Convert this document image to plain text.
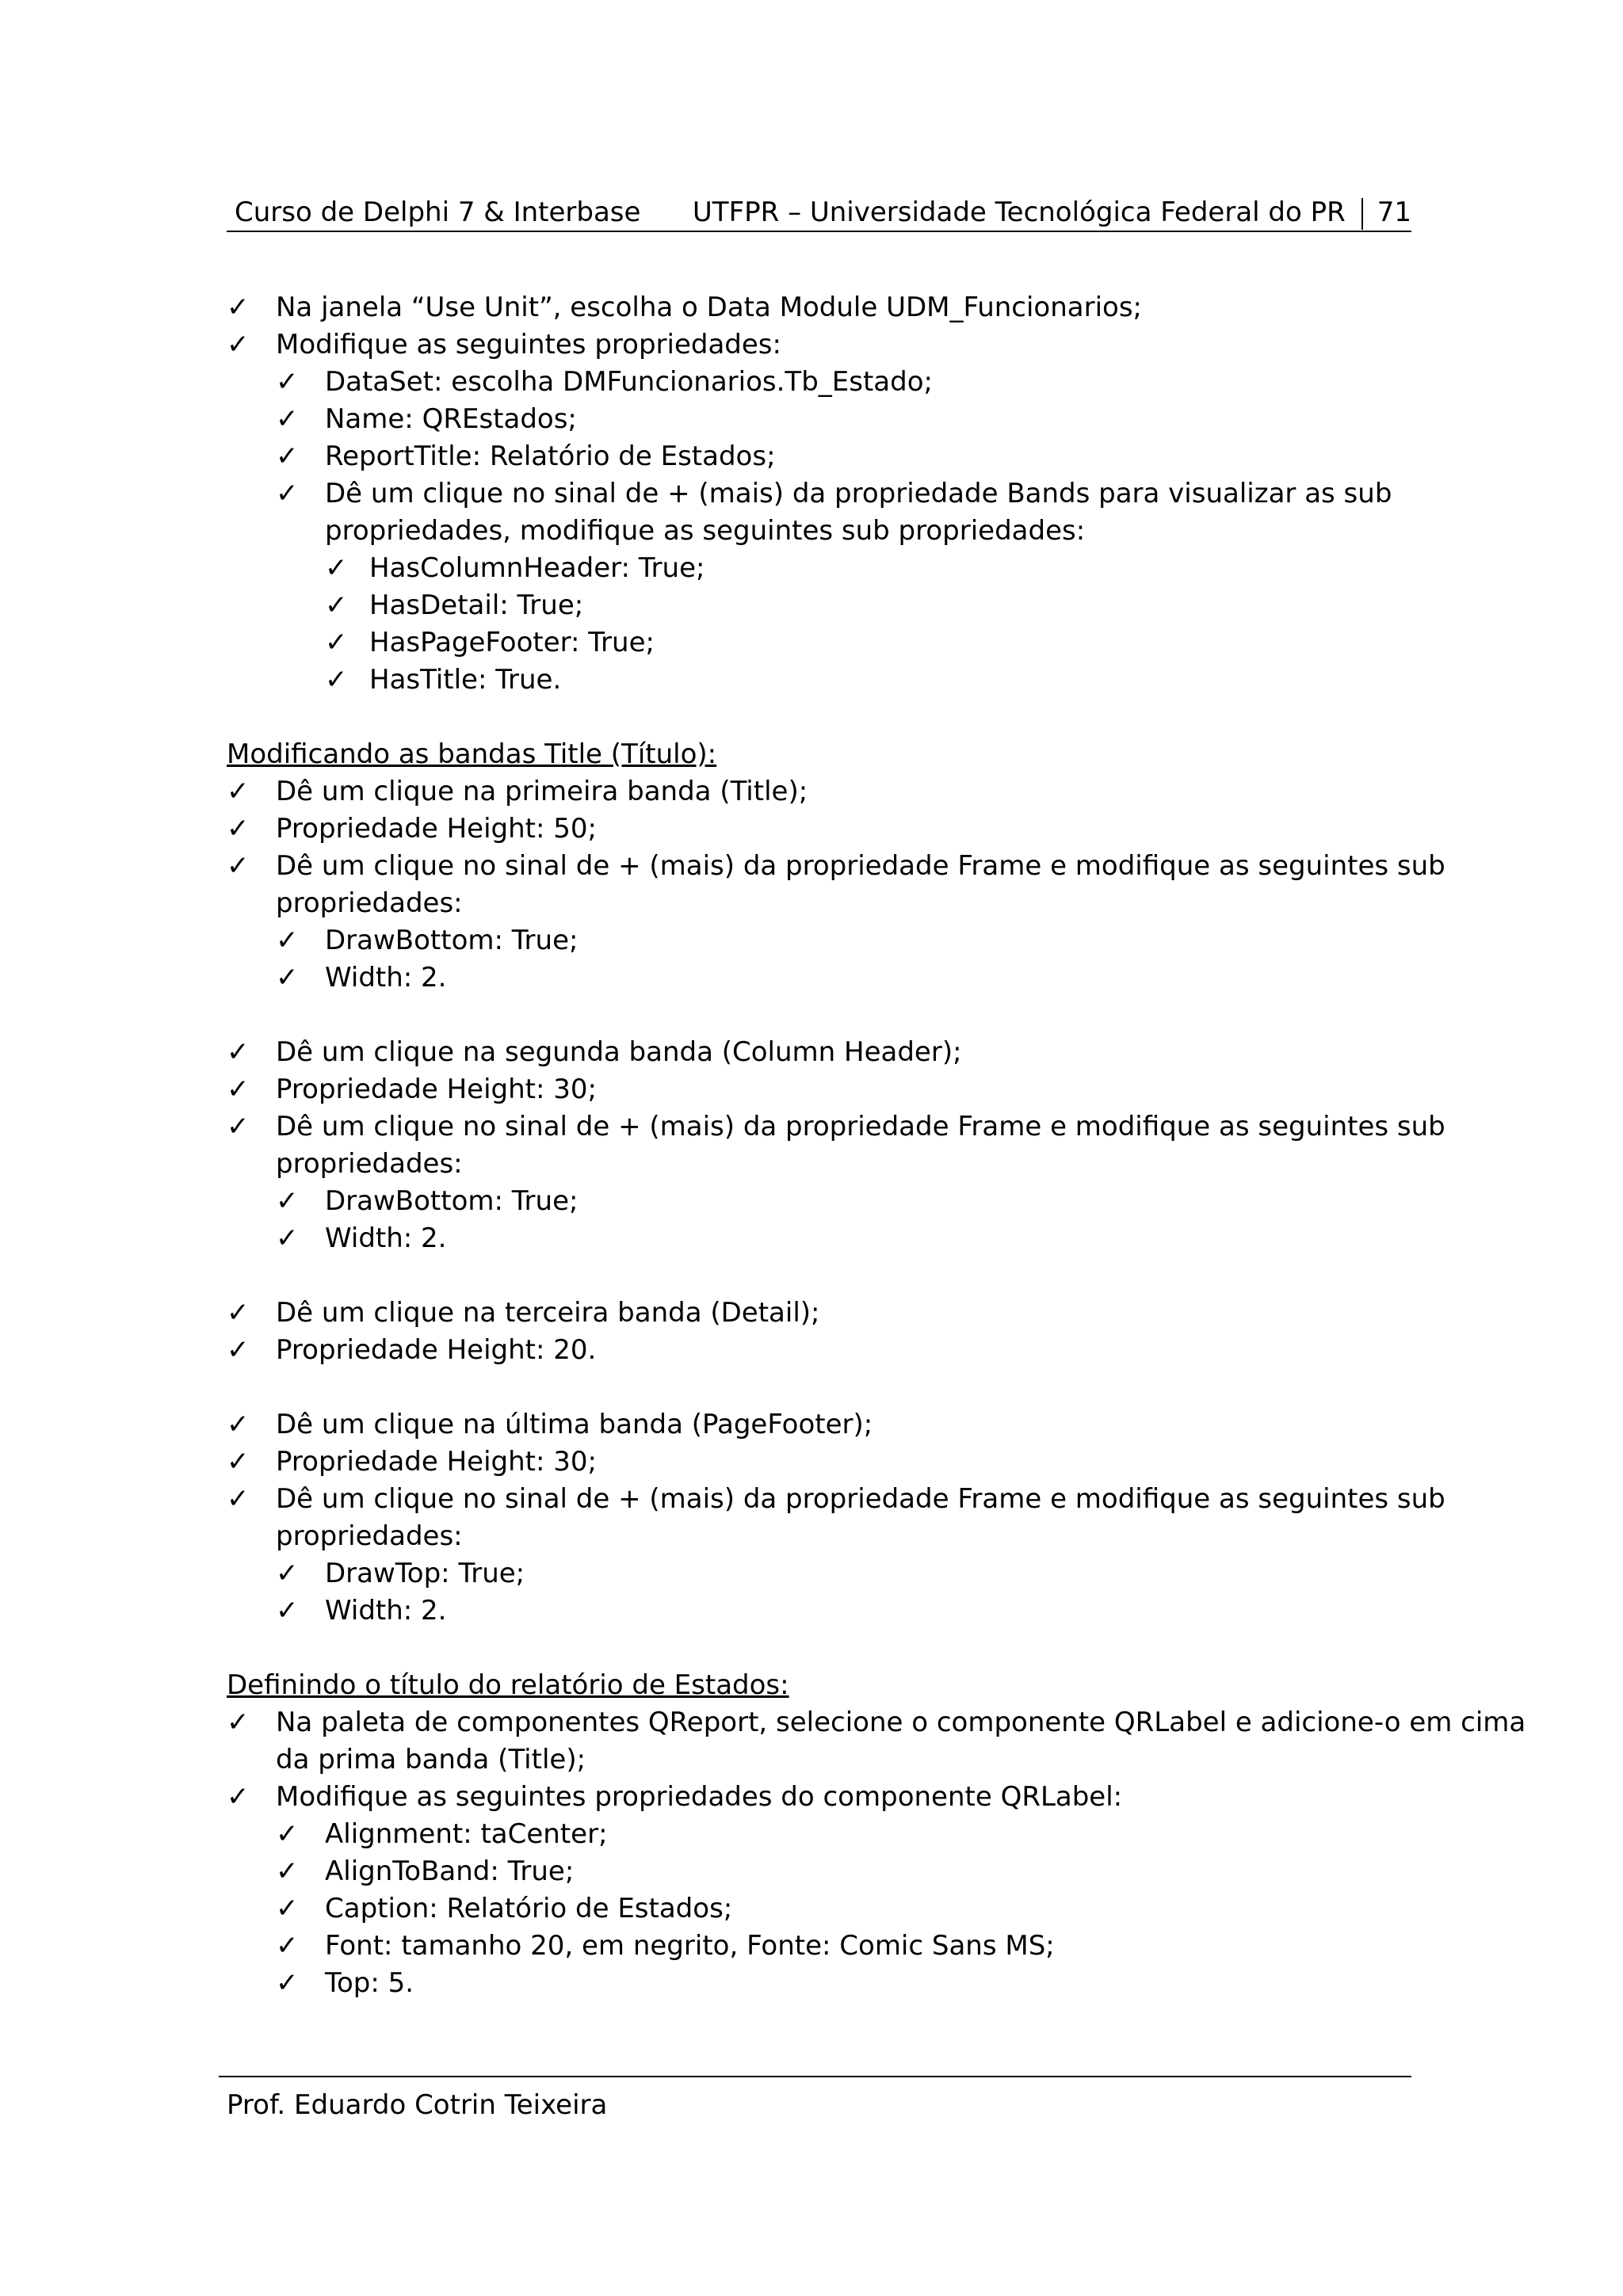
Curso de Delphi 7 & Interbase UTFPR – Universidade Tecnológica Federal do PR 71
✓ Na janela “Use Unit”, escolha o Data Module UDM_Funcionarios;
✓ Modifique as seguintes propriedades:
✓ DataSet: escolha DMFuncionarios.Tb_Estado;
✓ Name: QREstados;
✓ ReportTitle: Relatório de Estados;
✓ Dê um clique no sinal de + (mais) da propriedade Bands para visualizar as sub
propriedades, modifique as seguintes sub propriedades:
✓ HasColumnHeader: True;
✓ HasDetail: True;
✓ HasPageFooter: True;
✓ HasTitle: True.
Modificando as bandas Title (Título):
✓ Dê um clique na primeira banda (Title);
✓ Propriedade Height: 50;
✓ Dê um clique no sinal de + (mais) da propriedade Frame e modifique as seguintes sub
propriedades:
✓ DrawBottom: True;
✓ Width: 2.
✓ Dê um clique na segunda banda (Column Header);
✓ Propriedade Height: 30;
✓ Dê um clique no sinal de + (mais) da propriedade Frame e modifique as seguintes sub
propriedades:
✓ DrawBottom: True;
✓ Width: 2.
✓ Dê um clique na terceira banda (Detail);
✓ Propriedade Height: 20.
✓ Dê um clique na última banda (PageFooter);
✓ Propriedade Height: 30;
✓ Dê um clique no sinal de + (mais) da propriedade Frame e modifique as seguintes sub
propriedades:
✓ DrawTop: True;
✓ Width: 2.
Definindo o título do relatório de Estados:
✓ Na paleta de componentes QReport, selecione o componente QRLabel e adicione-o em cima
da prima banda (Title);
✓ Modifique as seguintes propriedades do componente QRLabel:
✓ Alignment: taCenter;
✓ AlignToBand: True;
✓ Caption: Relatório de Estados;
✓ Font: tamanho 20, em negrito, Fonte: Comic Sans MS;
✓ Top: 5.
Prof. Eduardo Cotrin Teixeira
